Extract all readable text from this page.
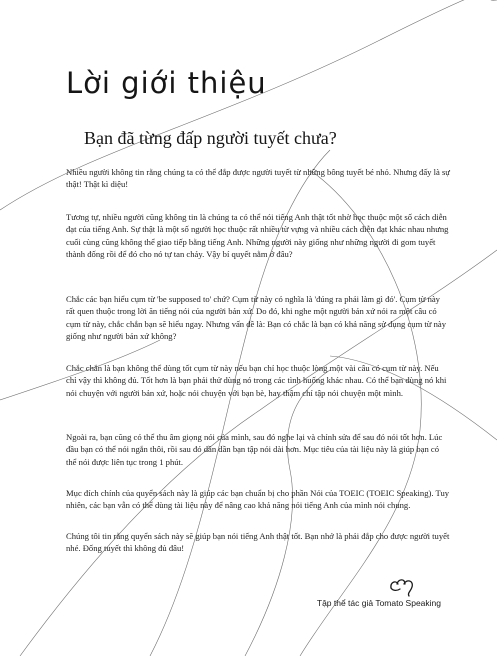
Lời giới thiệu
Bạn đã từng đấp người tuyết chưa?

Nhiều người không tin rằng chúng ta có thể đắp được người tuyết từ những bông tuyết bé nhỏ. Nhưng đấy là sự thật! Thật kì diệu!

Tương tự, nhiều người cũng không tin là chúng ta có thể nói tiếng Anh thật tốt nhờ học thuộc một số cách diễn đạt của tiếng Anh. Sự thật là một số người học thuộc rất nhiều từ vựng và nhiều cách diễn đạt khác nhau nhưng cuối cùng cũng không thể giao tiếp bằng tiếng Anh. Những người này giống như những người đi gom tuyết thành đống rồi để đó cho nó tự tan chảy. Vậy bí quyết nằm ở đâu?

Chắc các bạn hiểu cụm từ 'be supposed to' chứ? Cụm từ này có nghĩa là 'đúng ra phải làm gì đó'. Cụm từ này rất quen thuộc trong lời ăn tiếng nói của người bản xứ. Do đó, khi nghe một người bản xứ nói ra một câu có cụm từ này, chắc chắn bạn sẽ hiểu ngay. Nhưng vấn đề là: Bạn có chắc là bạn có khả năng sử dụng cụm từ này giống như người bản xứ không?

Chắc chắn là bạn không thể dùng tốt cụm từ này nếu bạn chỉ học thuộc lòng một vài câu có cụm từ này. Nếu chỉ vậy thì không đủ. Tốt hơn là bạn phải thử dùng nó trong các tình huống khác nhau. Có thể bạn dùng nó khi nói chuyện với người bản xứ, hoặc nói chuyện với bạn bè, hay thậm chí tập nói chuyện một mình.

Ngoài ra, bạn cũng có thể thu âm giọng nói của mình, sau đó nghe lại và chỉnh sửa để sau đó nói tốt hơn. Lúc đầu bạn có thể nói ngắn thôi, rồi sau đó dần dần bạn tập nói dài hơn. Mục tiêu của tài liệu này là giúp bạn có thể nói được liên tục trong 1 phút.

Mục đích chính của quyển sách này là giúp các bạn chuẩn bị cho phần Nói của TOEIC (TOEIC Speaking). Tuy nhiên, các bạn vẫn có thể dùng tài liệu này để nâng cao khả năng nói tiếng Anh của mình nói chung.

Chúng tôi tin rằng quyển sách này sẽ giúp bạn nói tiếng Anh thật tốt. Bạn nhớ là phải đắp cho được người tuyết nhé. Đống tuyết thì không đủ đâu!

Tập thể tác giả Tomato Speaking
